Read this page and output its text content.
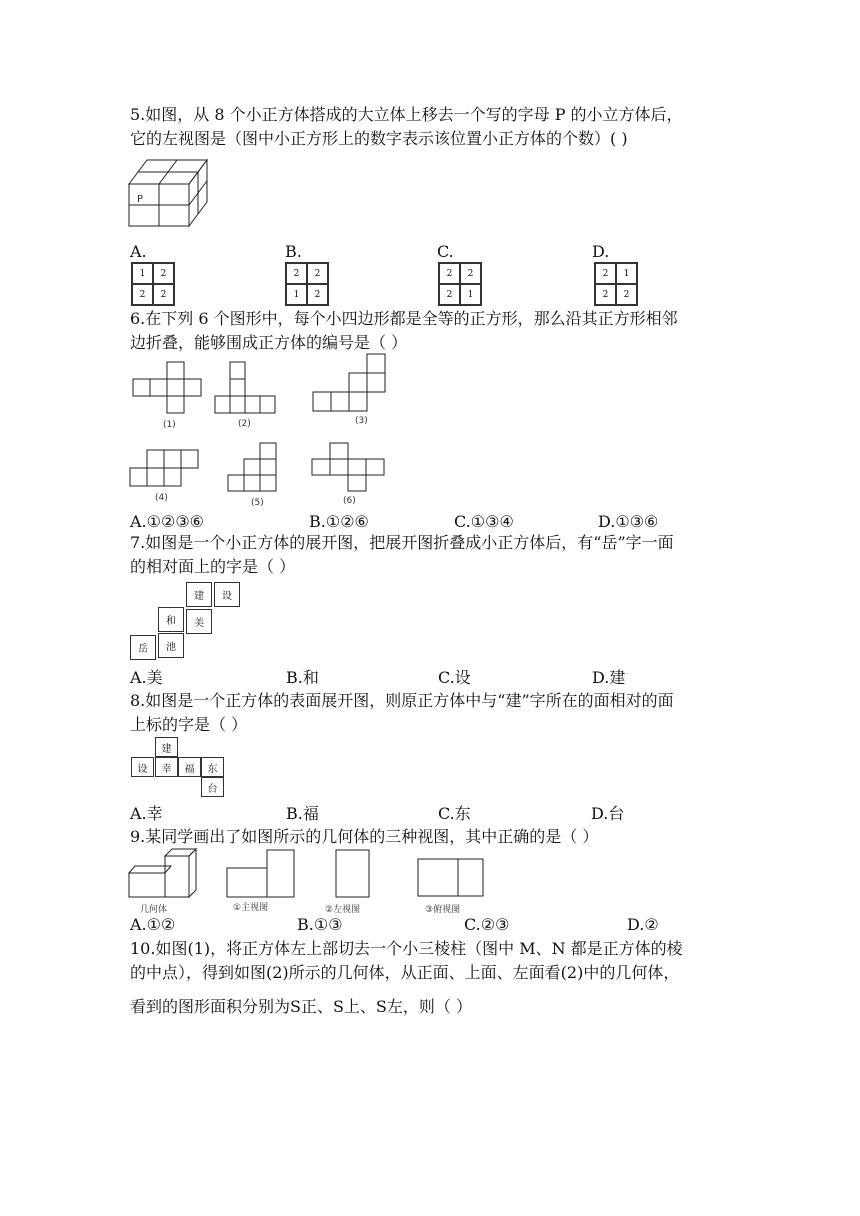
5.如图，从 8 个小正方体搭成的大立体上移去一个写的字母 P 的小立方体后，
它的左视图是（图中小正方形上的数字表示该位置小正方体的个数）( )
P
A.	B.	C.	D.
1	2
2	2
2	2
1	2
2	2
2	1
2	1
2	2
6.在下列 6 个图形中，每个小四边形都是全等的正方形，那么沿其正方形相邻
边折叠，能够围成正方体的编号是（ ）
(1)	(2)	(3)
(4)	(5)	(6)
A.①②③⑥	B.①②⑥	C.①③④	D.①③⑥
7.如图是一个小正方体的展开图，把展开图折叠成小正方体后，有“岳”字一面
的相对面上的字是（ ）
建	设
和	美
岳	池
A.美	B.和	C.设	D.建
8.如图是一个正方体的表面展开图，则原正方体中与“建”字所在的面相对的面
上标的字是（ ）
建
设	幸	福	东
台
A.幸	B.福	C.东	D.台
9.某同学画出了如图所示的几何体的三种视图，其中正确的是（ ）
几何体	①主视图	②左视图	③俯视图
A.①②	B.①③	C.②③	D.②
10.如图(1)，将正方体左上部切去一个小三棱柱（图中 M、N 都是正方体的棱
的中点），得到如图(2)所示的几何体，从正面、上面、左面看(2)中的几何体，
看到的图形面积分别为S正、S上、S左，则（ ）
